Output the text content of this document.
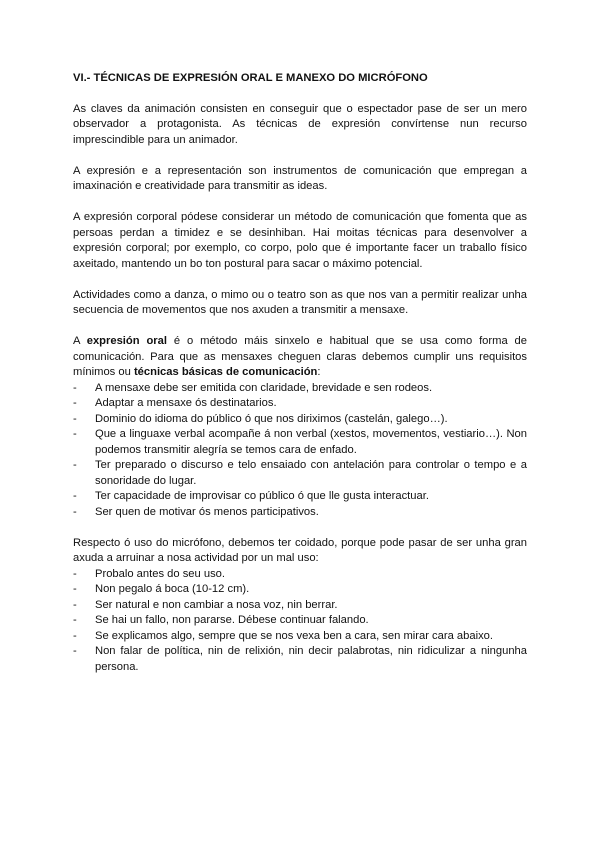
VI.- TÉCNICAS DE EXPRESIÓN ORAL E MANEXO DO MICRÓFONO

As claves da animación consisten en conseguir que o espectador pase de ser un mero observador a protagonista. As técnicas de expresión convírtense nun recurso imprescindible para un animador.

A expresión e a representación son instrumentos de comunicación que empregan a imaxinación e creatividade para transmitir as ideas.

A expresión corporal pódese considerar un método de comunicación que fomenta que as persoas perdan a timidez e se desinhiban. Hai moitas técnicas para desenvolver a expresión corporal; por exemplo, co corpo, polo que é importante facer un traballo físico axeitado, mantendo un bo ton postural para sacar o máximo potencial.

Actividades como a danza, o mimo ou o teatro son as que nos van a permitir realizar unha secuencia de movementos que nos axuden a transmitir a mensaxe.

A expresión oral é o método máis sinxelo e habitual que se usa como forma de comunicación. Para que as mensaxes cheguen claras debemos cumplir uns requisitos mínimos ou técnicas básicas de comunicación:

- A mensaxe debe ser emitida con claridade, brevidade e sen rodeos.
- Adaptar a mensaxe ós destinatarios.
- Dominio do idioma do público ó que nos diriximos (castelán, galego…).
- Que a linguaxe verbal acompañe á non verbal (xestos, movementos, vestiario…). Non podemos transmitir alegría se temos cara de enfado.
- Ter preparado o discurso e telo ensaiado con antelación para controlar o tempo e a sonoridade do lugar.
- Ter capacidade de improvisar co público ó que lle gusta interactuar.
- Ser quen de motivar ós menos participativos.

Respecto ó uso do micrófono, debemos ter coidado, porque pode pasar de ser unha gran axuda a arruinar a nosa actividad por un mal uso:

- Probalo antes do seu uso.
- Non pegalo á boca (10-12 cm).
- Ser natural e non cambiar a nosa voz, nin berrar.
- Se hai un fallo, non pararse. Débese continuar falando.
- Se explicamos algo, sempre que se nos vexa ben a cara, sen mirar cara abaixo.
- Non falar de política, nin de relixión, nin decir palabrotas, nin ridiculizar a ningunha persona.
